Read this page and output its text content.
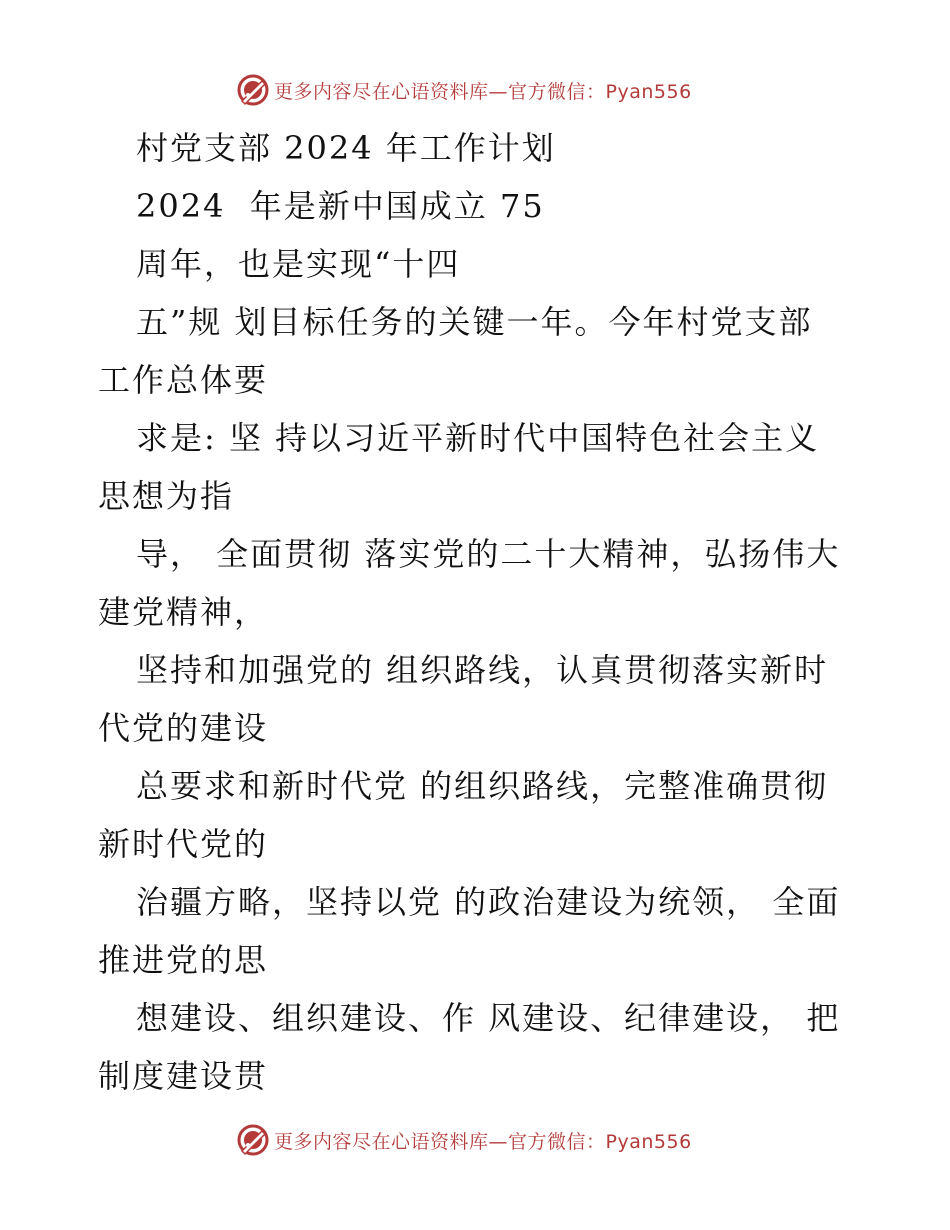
更多内容尽在心语资料库—官方微信：Pyan556
村党支部 2024 年工作计划
2024  年是新中国成立 75
周年，也是实现“十四
五”规 划目标任务的关键一年。今年村党支部
工作总体要
求是: 坚 持以习近平新时代中国特色社会主义
思想为指
导， 全面贯彻 落实党的二十大精神，弘扬伟大
建党精神，
坚持和加强党的 组织路线，认真贯彻落实新时
代党的建设
总要求和新时代党 的组织路线，完整准确贯彻
新时代党的
治疆方略，坚持以党 的政治建设为统领， 全面
推进党的思
想建设、组织建设、作 风建设、纪律建设， 把
制度建设贯
更多内容尽在心语资料库—官方微信：Pyan556
